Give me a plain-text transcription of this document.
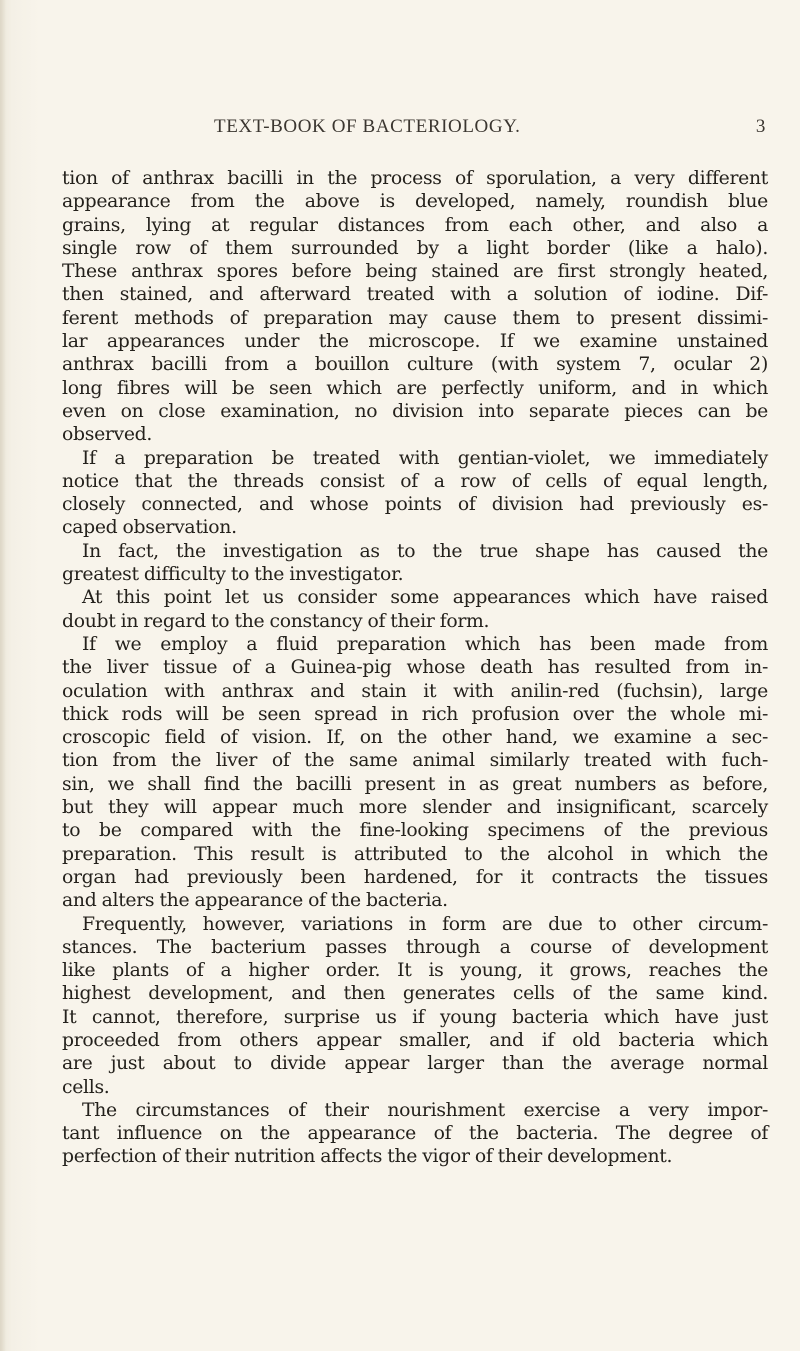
TEXT-BOOK OF BACTERIOLOGY.	3
tion of anthrax bacilli in the process of sporulation, a very different
appearance from the above is developed, namely, roundish blue
grains, lying at regular distances from each other, and also a
single row of them surrounded by a light border (like a halo).
These anthrax spores before being stained are first strongly heated,
then stained, and afterward treated with a solution of iodine. Dif-
ferent methods of preparation may cause them to present dissimi-
lar appearances under the microscope. If we examine unstained
anthrax bacilli from a bouillon culture (with system 7, ocular 2)
long fibres will be seen which are perfectly uniform, and in which
even on close examination, no division into separate pieces can be
observed.
If a preparation be treated with gentian-violet, we immediately
notice that the threads consist of a row of cells of equal length,
closely connected, and whose points of division had previously es-
caped observation.
In fact, the investigation as to the true shape has caused the
greatest difficulty to the investigator.
At this point let us consider some appearances which have raised
doubt in regard to the constancy of their form.
If we employ a fluid preparation which has been made from
the liver tissue of a Guinea-pig whose death has resulted from in-
oculation with anthrax and stain it with anilin-red (fuchsin), large
thick rods will be seen spread in rich profusion over the whole mi-
croscopic field of vision. If, on the other hand, we examine a sec-
tion from the liver of the same animal similarly treated with fuch-
sin, we shall find the bacilli present in as great numbers as before,
but they will appear much more slender and insignificant, scarcely
to be compared with the fine-looking specimens of the previous
preparation. This result is attributed to the alcohol in which the
organ had previously been hardened, for it contracts the tissues
and alters the appearance of the bacteria.
Frequently, however, variations in form are due to other circum-
stances. The bacterium passes through a course of development
like plants of a higher order. It is young, it grows, reaches the
highest development, and then generates cells of the same kind.
It cannot, therefore, surprise us if young bacteria which have just
proceeded from others appear smaller, and if old bacteria which
are just about to divide appear larger than the average normal
cells.
The circumstances of their nourishment exercise a very impor-
tant influence on the appearance of the bacteria. The degree of
perfection of their nutrition affects the vigor of their development.
